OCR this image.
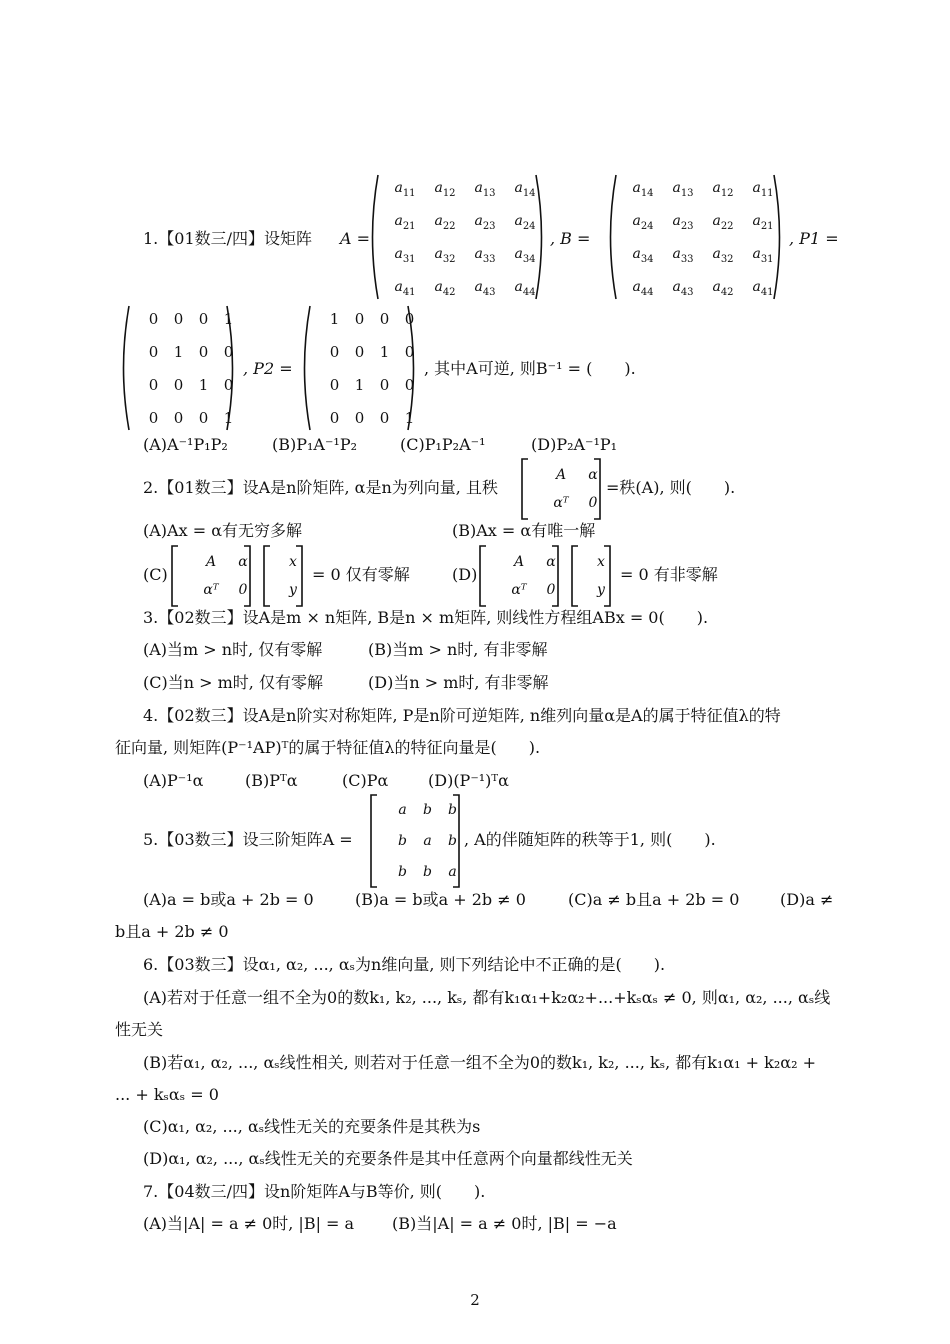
1.【01数三/四】设矩阵 A =
$a_{11}$	$a_{12}$	$a_{13}$	$a_{14}$
$a_{21}$	$a_{22}$	$a_{23}$	$a_{24}$
$a_{31}$	$a_{32}$	$a_{33}$	$a_{34}$
$a_{41}$	$a_{42}$	$a_{43}$	$a_{44}$
, B =
$a_{14}$	$a_{13}$	$a_{12}$	$a_{11}$
$a_{24}$	$a_{23}$	$a_{22}$	$a_{21}$
$a_{34}$	$a_{33}$	$a_{32}$	$a_{31}$
$a_{44}$	$a_{43}$	$a_{42}$	$a_{41}$
, P1 =
0	0	0	1
0	1	0	0
0	0	1	0
0	0	0	1
, P2 =
1	0	0	0
0	0	1	0
0	1	0	0
0	0	0	1
, 其中A可逆, 则B⁻¹ = (　　).
(A)A⁻¹P₁P₂	(B)P₁A⁻¹P₂	(C)P₁P₂A⁻¹	(D)P₂A⁻¹P₁
2.【01数三】设A是n阶矩阵, α是n为列向量, 且秩
A	α
αᵀ	0
=秩(A), 则(　　).
(A)Ax = α有无穷多解	(B)Ax = α有唯一解
(C)
A	α
αᵀ	0
x
y
= 0 仅有零解	(D)
A	α
αᵀ	0
x
y
= 0 有非零解
3.【02数三】设A是m × n矩阵, B是n × m矩阵, 则线性方程组ABx = 0(　　).
(A)当m > n时, 仅有零解	(B)当m > n时, 有非零解
(C)当n > m时, 仅有零解	(D)当n > m时, 有非零解
4.【02数三】设A是n阶实对称矩阵, P是n阶可逆矩阵, n维列向量α是A的属于特征值λ的特
征向量, 则矩阵(P⁻¹AP)ᵀ的属于特征值λ的特征向量是(　　).
(A)P⁻¹α	(B)Pᵀα	(C)Pα (D)(P⁻¹)ᵀα
5.【03数三】设三阶矩阵A =
a	b	b
b	a	b
b	b	a
, A的伴随矩阵的秩等于1, 则(　　).
(A)a = b或a + 2b = 0	(B)a = b或a + 2b ≠ 0	(C)a ≠ b且a + 2b = 0	(D)a ≠
b且a + 2b ≠ 0
6.【03数三】设α₁, α₂, ..., αₛ为n维向量, 则下列结论中不正确的是(　　).
(A)若对于任意一组不全为0的数k₁, k₂, ..., kₛ, 都有k₁α₁+k₂α₂+...+kₛαₛ ≠ 0, 则α₁, α₂, ..., αₛ线
性无关
(B)若α₁, α₂, ..., αₛ线性相关, 则若对于任意一组不全为0的数k₁, k₂, ..., kₛ, 都有k₁α₁ + k₂α₂ +
... + kₛαₛ = 0
(C)α₁, α₂, ..., αₛ线性无关的充要条件是其秩为s
(D)α₁, α₂, ..., αₛ线性无关的充要条件是其中任意两个向量都线性无关
7.【04数三/四】设n阶矩阵A与B等价, 则(　　).
(A)当|A| = a ≠ 0时, |B| = a (B)当|A| = a ≠ 0时, |B| = −a
2
